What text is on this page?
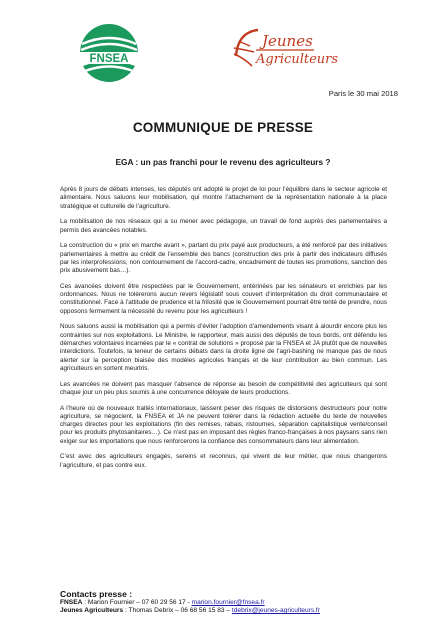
FNSEA
Jeunes
Agriculteurs
Paris le 30 mai 2018
COMMUNIQUE DE PRESSE
EGA : un pas franchi pour le revenu des agriculteurs ?

Après 8 jours de débats intenses, les députés ont adopté le projet de loi pour l’équilibre dans le secteur agricole et alimentaire. Nous saluons leur mobilisation, qui montre l’attachement de la représentation nationale à la place stratégique et culturelle de l’agriculture.

La mobilisation de nos réseaux qui a su mener avec pédagogie, un travail de fond auprès des parlementaires a permis des avancées notables.

La construction du « prix en marche avant », partant du prix payé aux producteurs, a été renforcé par des initiatives parlementaires à mettre au crédit de l’ensemble des bancs (construction des prix à partir des indicateurs diffusés par les interprofessions, non contournement de l’accord-cadre, encadrement de toutes les promotions, sanction des prix abusivement bas…).

Ces avancées doivent être respectées par le Gouvernement, entérinées par les sénateurs et enrichies par les ordonnances. Nous ne tolèrerons aucun revers législatif sous couvert d’interprétation du droit communautaire et constitutionnel. Face à l’attitude de prudence et la frilosité que le Gouvernement pourrait être tenté de prendre, nous opposons fermement la nécessité du revenu pour les agriculteurs !

Nous saluons aussi la mobilisation qui a permis d’éviter l’adoption d’amendements visant à alourdir encore plus les contraintes sur nos exploitations. Le Ministre, le rapporteur, mais aussi des députés de tous bords, ont défendu les démarches volontaires incarnées par le « contrat de solutions » proposé par la FNSEA et JA plutôt que de nouvelles interdictions. Toutefois, la teneur de certains débats dans la droite ligne de l’agri-bashing ne manque pas de nous alerter sur la perception biaisée des modèles agricoles français et de leur contribution au bien commun. Les agriculteurs en sortent meurtris.

Les avancées ne doivent pas masquer l’absence de réponse au besoin de compétitivité des agriculteurs qui sont chaque jour un peu plus soumis à une concurrence déloyale de leurs productions.

A l’heure où de nouveaux traités internationaux, laissent peser des risques de distorsions destructeurs pour notre agriculture, se négocient, la FNSEA et JA ne peuvent tolérer dans la rédaction actuelle du texte de nouvelles charges directes pour les exploitations (fin des remises, rabais, ristournes, séparation capitalistique vente/conseil pour les produits phytosanitaires…). Ce n’est pas en imposant des règles franco-françaises à nos paysans sans rien exiger sur les importations que nous renforcerons la confiance des consommateurs dans leur alimentation.

C’est avec des agriculteurs engagés, sereins et reconnus, qui vivent de leur métier, que nous changerons l’agriculture, et pas contre eux.

Contacts presse :
FNSEA : Marion Fournier – 07 60 29 56 17 - marion.fournier@fnsea.fr
Jeunes Agriculteurs : Thomas Debrix – 06 68 56 15 83 – tdebrix@jeunes-agriculteurs.fr
